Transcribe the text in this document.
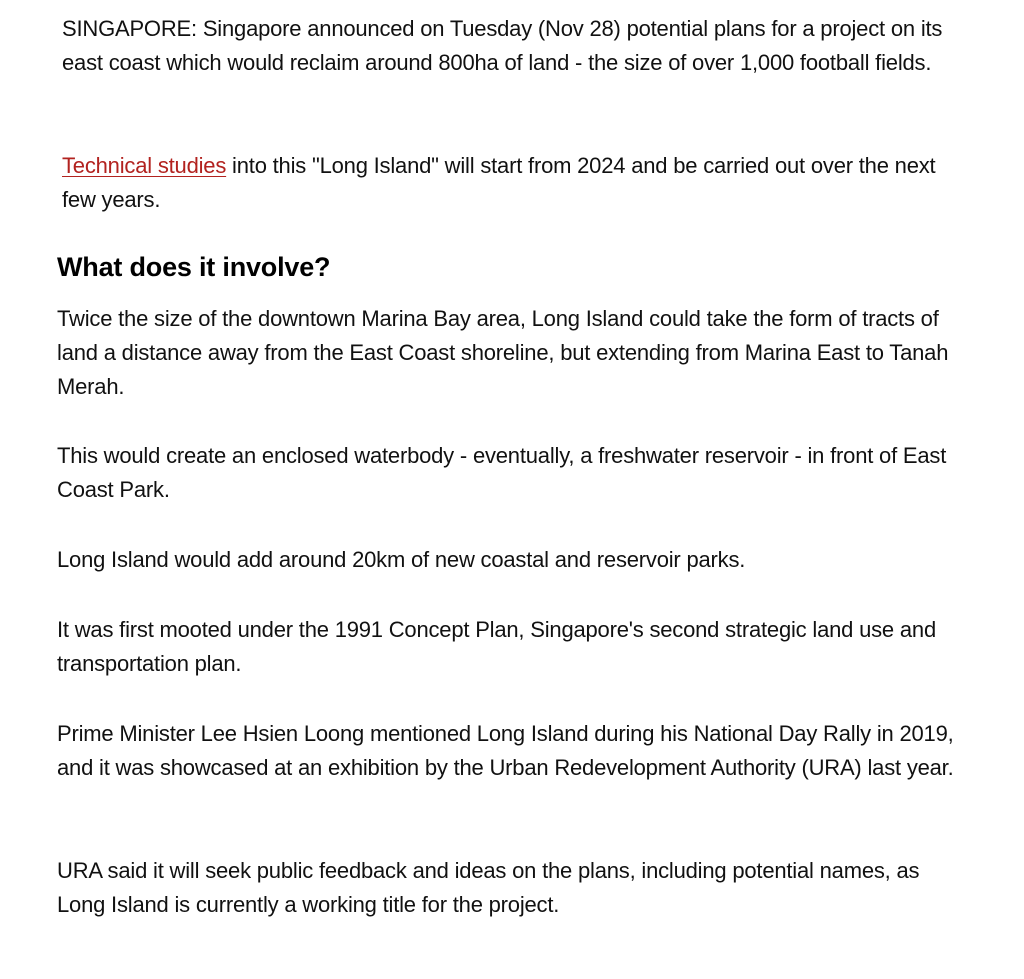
SINGAPORE: Singapore announced on Tuesday (Nov 28) potential plans for a project on its east coast which would reclaim around 800ha of land - the size of over 1,000 football fields.

Technical studies into this "Long Island" will start from 2024 and be carried out over the next few years.

What does it involve?

Twice the size of the downtown Marina Bay area, Long Island could take the form of tracts of land a distance away from the East Coast shoreline, but extending from Marina East to Tanah Merah.

This would create an enclosed waterbody - eventually, a freshwater reservoir - in front of East Coast Park.

Long Island would add around 20km of new coastal and reservoir parks.

It was first mooted under the 1991 Concept Plan, Singapore's second strategic land use and transportation plan.

Prime Minister Lee Hsien Loong mentioned Long Island during his National Day Rally in 2019, and it was showcased at an exhibition by the Urban Redevelopment Authority (URA) last year.

URA said it will seek public feedback and ideas on the plans, including potential names, as Long Island is currently a working title for the project.
